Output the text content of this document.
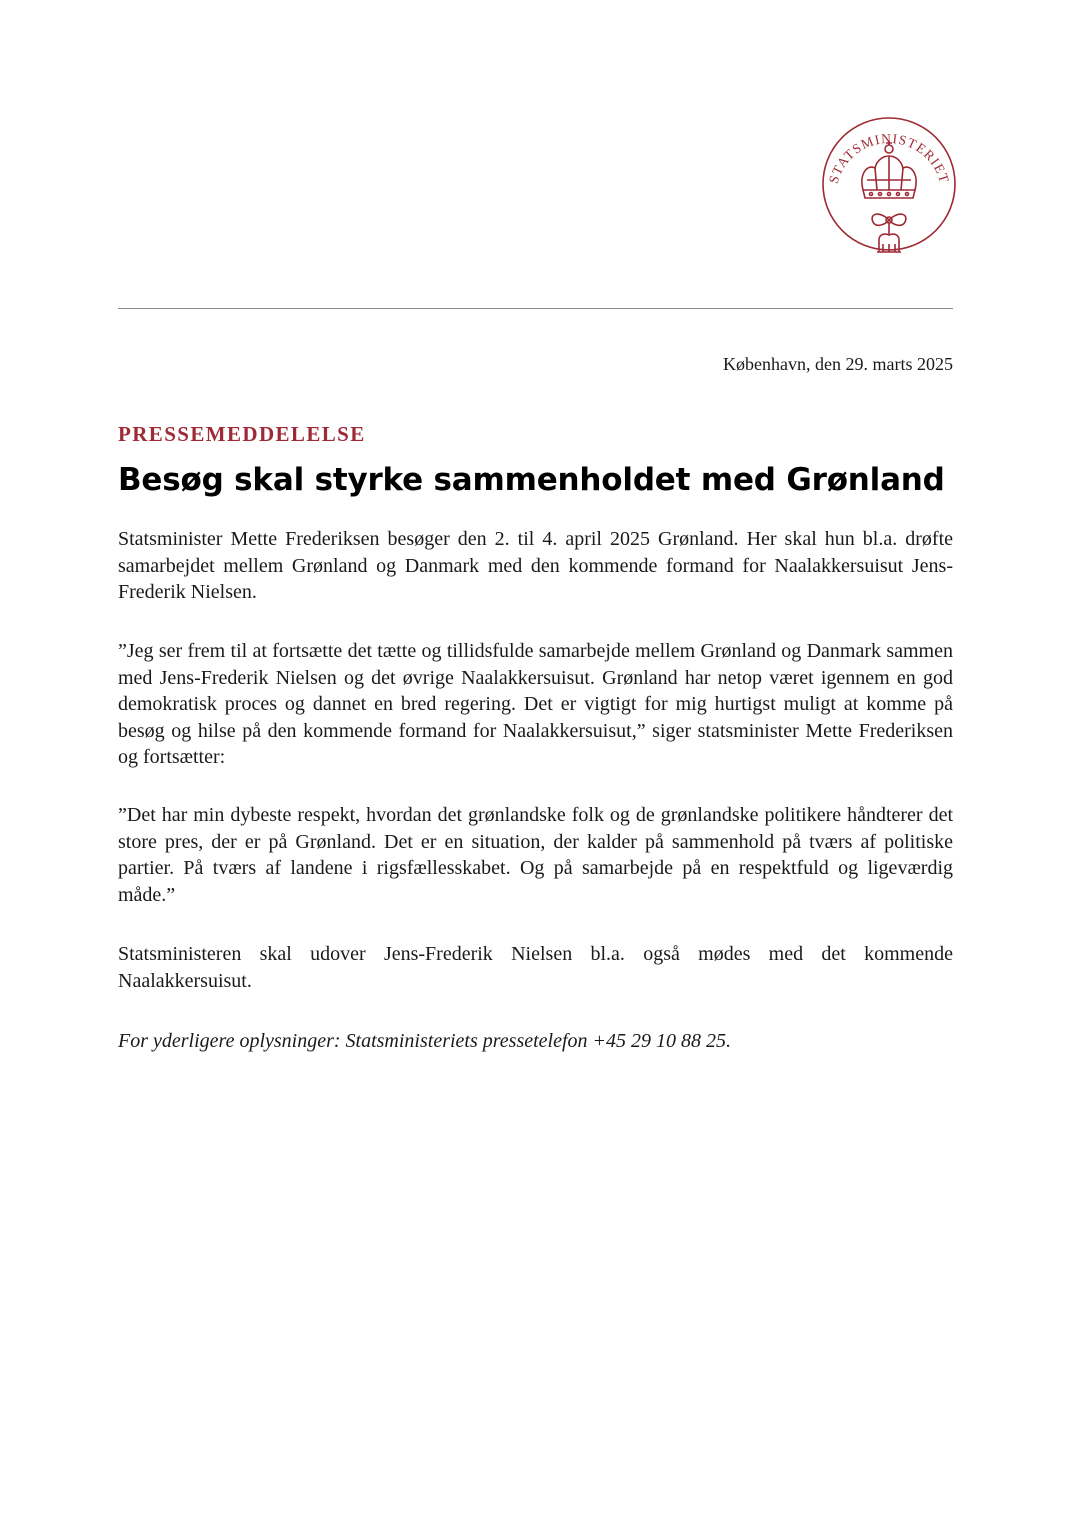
STATSMINISTERIET
København, den 29. marts 2025
PRESSEMEDDELELSE
Besøg skal styrke sammenholdet med Grønland

Statsminister Mette Frederiksen besøger den 2. til 4. april 2025 Grønland. Her skal hun bl.a. drøfte samarbejdet mellem Grønland og Danmark med den kommende formand for Naalakkersuisut Jens-Frederik Nielsen.

”Jeg ser frem til at fortsætte det tætte og tillidsfulde samarbejde mellem Grønland og Danmark sammen med Jens-Frederik Nielsen og det øvrige Naalakkersuisut. Grønland har netop været igennem en god demokratisk proces og dannet en bred regering. Det er vigtigt for mig hurtigst muligt at komme på besøg og hilse på den kommende formand for Naalakkersuisut,” siger statsminister Mette Frederiksen og fortsætter:

”Det har min dybeste respekt, hvordan det grønlandske folk og de grønlandske politikere håndterer det store pres, der er på Grønland. Det er en situation, der kalder på sammenhold på tværs af politiske partier. På tværs af landene i rigsfællesskabet. Og på samarbejde på en respektfuld og ligeværdig måde.”

Statsministeren skal udover Jens-Frederik Nielsen bl.a. også mødes med det kommende Naalakkersuisut.

For yderligere oplysninger: Statsministeriets pressetelefon +45 29 10 88 25.
